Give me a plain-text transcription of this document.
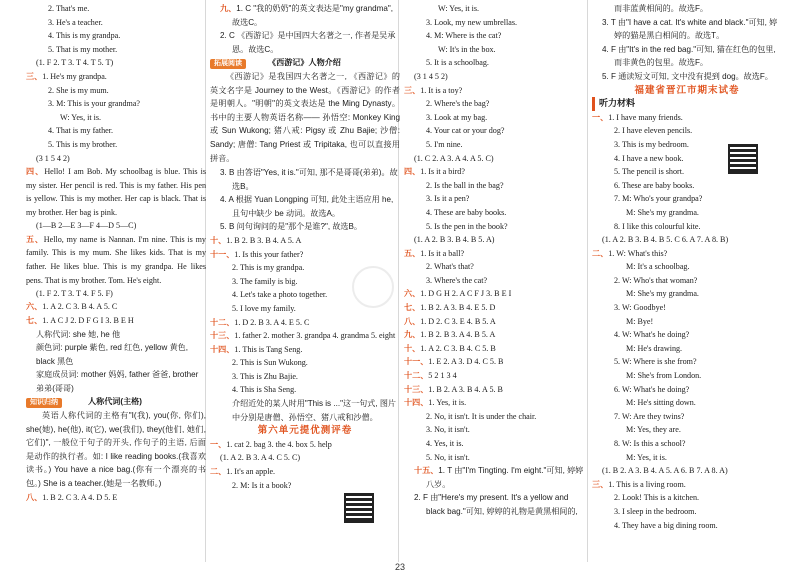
2. That's me.
3. He's a teacher.
4. This is my grandpa.
5. That is my mother.
(1. F 2. T 3. T 4. T 5. T)
三、1. He's my grandpa.
2. She is my mum.
3. M: This is your grandma?
W: Yes, it is.
4. That is my father.
5. This is my brother.
(3 1 5 4 2)
四、Hello! I am Bob. My schoolbag is blue. This is my sister. Her pencil is red. This is my father. His pen is yellow. This is my mother. Her cap is black. That is my brother. Her bag is pink.
(1—B 2—E 3—F 4—D 5—C)
五、Hello, my name is Nannan. I'm nine. This is my family. This is my mum. She likes kids. That is my father. He likes blue. This is my grandpa. He likes pens. That is my brother. Tom. He's eight.
(1. F 2. T 3. T 4. F 5. F)
六、1. A 2. C 3. B 4. A 5. C
七、1. A C J 2. D F G I 3. B E H
人称代词: she 她, he 他
颜色词: purple 紫色, red 红色, yellow 黄色, black 黑色
家庭成员词: mother 妈妈, father 爸爸, brother 弟弟(哥哥)
知识归纳	人称代词(主格)
英语人称代词的主格有"I(我), you(你, 你们), she(她), he(他), it(它), we(我们), they(他们, 她们, 它们)", 一般位于句子的开头, 作句子的主语, 后面是动作的执行者。如: I like reading books.(我喜欢读书。) You have a nice bag.(你有一个漂亮的书包。) She is a teacher.(她是一名教师。)
八、1. B 2. C 3. A 4. D 5. E
九、1. C "我的奶奶"的英文表达是"my grandma", 故选C。
2. C 《西游记》是中国四大名著之一, 作者是吴承恩。故选C。
拓展阅读	《西游记》人物介绍
《西游记》是我国四大名著之一, 《西游记》的英文名字是 Journey to the West。《西游记》的作者是明朝人。"明朝"的英文表达是 the Ming Dynasty。书中的主要人物英语名称—— 孙悟空: Monkey King 或 Sun Wukong; 猪八戒: Pigsy 或 Zhu Bajie; 沙僧: Sandy; 唐僧: Tang Priest 或 Tripitaka, 也可以直接用拼音。
3. B 由答语"Yes, it is."可知, 那不是哥哥(弟弟)。故选B。
4. A 根据 Yuan Longping 可知, 此处主语应用 he, 且句中缺少 be 动词。故选A。
5. B 问句询问的是"那个是谁?", 故选B。
十、1. B 2. B 3. B 4. A 5. A
十一、1. Is this your father?
2. This is my grandpa.
3. The family is big.
4. Let's take a photo together.
5. I love my family.
十二、1. D 2. B 3. A 4. E 5. C
十三、1. father 2. mother 3. grandpa 4. grandma 5. eight
十四、1. This is Tang Seng.
2. This is Sun Wukong.
3. This is Zhu Bajie.
4. This is Sha Seng.
介绍近处的某人时用"This is ..."这一句式, 图片中分别是唐僧、孙悟空、猪八戒和沙僧。
第六单元提优测评卷
一、1. cat 2. bag 3. the 4. box 5. help
(1. A 2. B 3. A 4. C 5. C)
二、1. It's an apple.
2. M: Is it a book?
W: Yes, it is.
3. Look, my new umbrellas.
4. M: Where is the cat?
W: It's in the box.
5. It is a schoolbag.
(3 1 4 5 2)
三、1. It is a toy?
2. Where's the bag?
3. Look at my bag.
4. Your cat or your dog?
5. I'm nine.
(1. C 2. A 3. A 4. A 5. C)
四、1. Is it a bird?
2. Is the ball in the bag?
3. Is it a pen?
4. These are baby books.
5. Is the pen in the book?
(1. A 2. B 3. B 4. B 5. A)
五、1. Is it a ball?
2. What's that?
3. Where's the cat?
六、1. D G H 2. A C F J 3. B E I
七、1. B 2. A 3. B 4. E 5. D
八、1. D 2. C 3. E 4. B 5. A
九、1. B 2. B 3. A 4. B 5. A
十、1. A 2. C 3. B 4. C 5. B
十一、1. E 2. A 3. D 4. C 5. B
十二、5 2 1 3 4
十三、1. B 2. A 3. B 4. A 5. B
十四、1. Yes, it is.
2. No, it isn't. It is under the chair.
3. No, it isn't.
4. Yes, it is.
5. No, it isn't.
十五、1. T 由"I'm Tingting. I'm eight."可知, 婷婷八岁。
2. F 由"Here's my present. It's a yellow and black bag."可知, 婷婷的礼物是黄黑相间的,
而非蓝黄相间的。故选F。
3. T 由"I have a cat. It's white and black."可知, 婷婷的猫是黑白相间的。故选T。
4. F 由"It's in the red bag."可知, 猫在红色的包里, 而非黄色的包里。故选F。
5. F 通读短文可知, 文中没有提到 dog。故选F。
福建省晋江市期末试卷
听力材料
一、1. I have many friends.
2. I have eleven pencils.
3. This is my bedroom.
4. I have a new book.
5. The pencil is short.
6. These are baby books.
7. M: Who's your grandpa?
M: She's my grandma.
8. I like this colourful kite.
(1. A 2. B 3. B 4. B 5. C 6. A 7. A 8. B)
二、1. W: What's this?
M: It's a schoolbag.
2. W: Who's that woman?
M: She's my grandma.
3. W: Goodbye!
M: Bye!
4. W: What's he doing?
M: He's drawing.
5. W: Where is she from?
M: She's from London.
6. W: What's he doing?
M: He's sitting down.
7. W: Are they twins?
M: Yes, they are.
8. W: Is this a school?
M: Yes, it is.
(1. B 2. A 3. B 4. A 5. A 6. B 7. A 8. A)
三、1. This is a living room.
2. Look! This is a kitchen.
3. I sleep in the bedroom.
4. They have a big dining room.
23
